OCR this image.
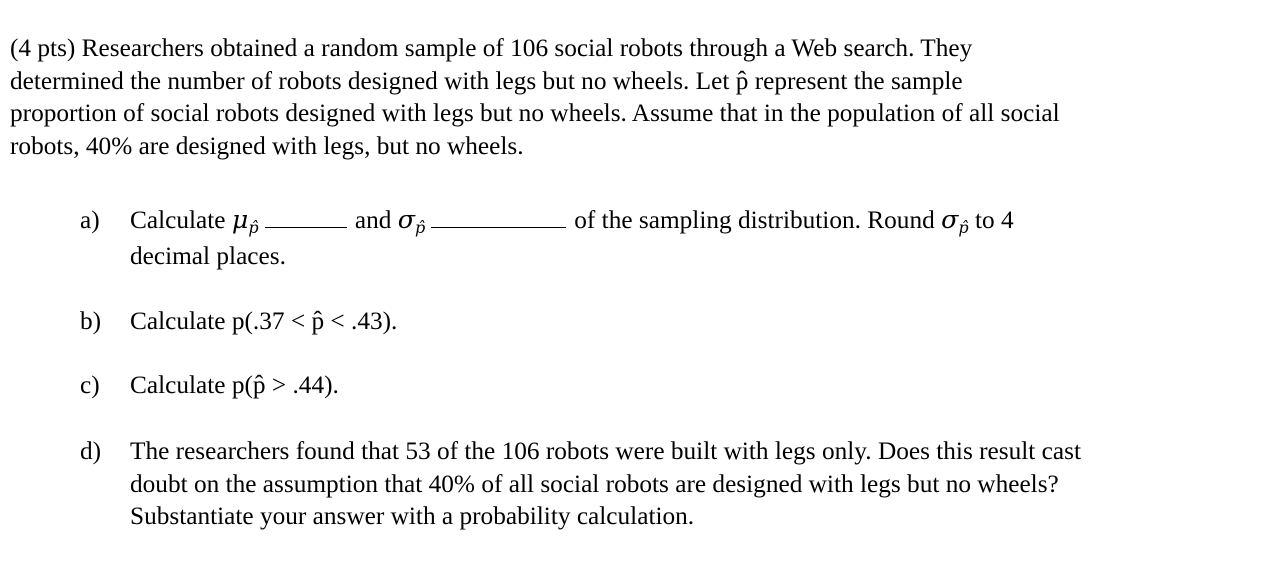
(4 pts) Researchers obtained a random sample of 106 social robots through a Web search. They
determined the number of robots designed with legs but no wheels. Let p̂ represent the sample
proportion of social robots designed with legs but no wheels. Assume that in the population of all social
robots, 40% are designed with legs, but no wheels.
a) Calculate μp̂	and σp̂	of the sampling distribution. Round σp̂ to 4
decimal places.
b) Calculate p(.37 < p̂ < .43).
c) Calculate p(p̂ > .44).
d) The researchers found that 53 of the 106 robots were built with legs only. Does this result cast
doubt on the assumption that 40% of all social robots are designed with legs but no wheels?
Substantiate your answer with a probability calculation.
